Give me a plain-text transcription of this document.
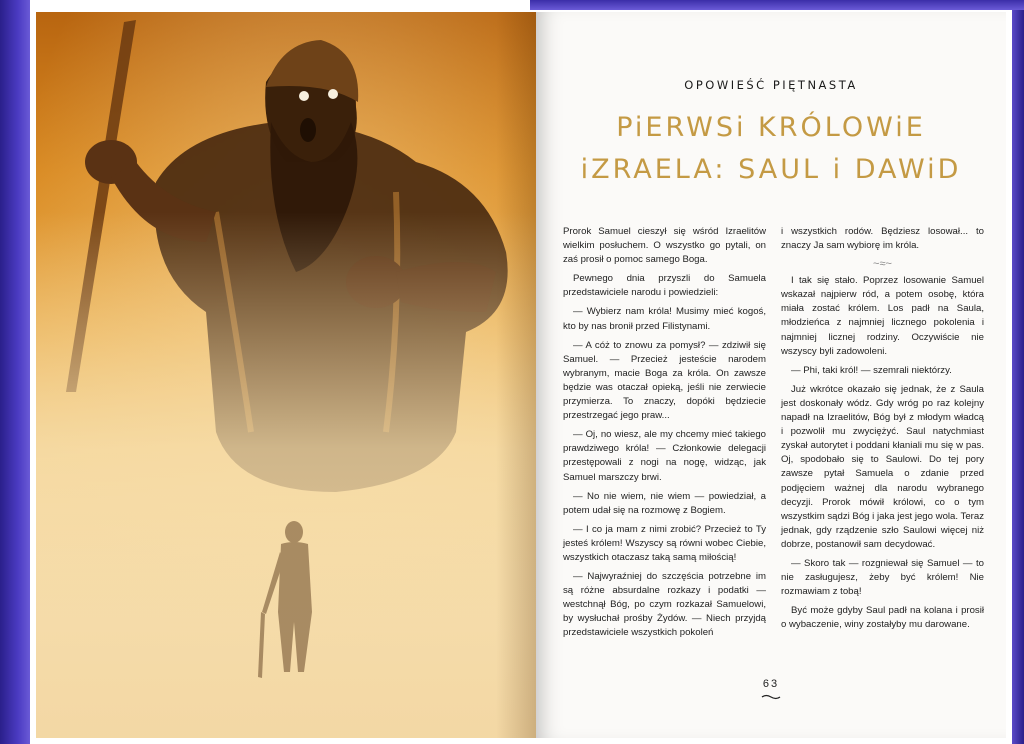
OPOWIEŚĆ PIĘTNASTA
PiERWSi KRÓLOWiE
iZRAELA: SAUL i DAWiD

Prorok Samuel cieszył się wśród Izraelitów wielkim posłuchem. O wszystko go pytali, on zaś prosił o pomoc samego Boga.

Pewnego dnia przyszli do Samuela przedstawiciele narodu i powiedzieli:

— Wybierz nam króla! Musimy mieć kogoś, kto by nas bronił przed Filistynami.

— A cóż to znowu za pomysł? — zdziwił się Samuel. — Przecież jesteście narodem wybranym, macie Boga za króla. On zawsze będzie was otaczał opieką, jeśli nie zerwiecie przymierza. To znaczy, dopóki będziecie przestrzegać jego praw...

— Oj, no wiesz, ale my chcemy mieć takiego prawdziwego króla! — Członkowie delegacji przestępowali z nogi na nogę, widząc, jak Samuel marszczy brwi.

— No nie wiem, nie wiem — powiedział, a potem udał się na rozmowę z Bogiem.

— I co ja mam z nimi zrobić? Przecież to Ty jesteś królem! Wszyscy są równi wobec Ciebie, wszystkich otaczasz taką samą miłością!

— Najwyraźniej do szczęścia potrzebne im są różne absurdalne rozkazy i podatki — westchnął Bóg, po czym rozkazał Samuelowi, by wysłuchał prośby Żydów. — Niech przyjdą przedstawiciele wszystkich pokoleń

i wszystkich rodów. Będziesz losował... to znaczy Ja sam wybiorę im króla.

~≈~

I tak się stało. Poprzez losowanie Samuel wskazał najpierw ród, a potem osobę, która miała zostać królem. Los padł na Saula, młodzieńca z najmniej licznego pokolenia i najmniej licznej rodziny. Oczywiście nie wszyscy byli zadowoleni.

— Phi, taki król! — szemrali niektórzy.

Już wkrótce okazało się jednak, że z Saula jest doskonały wódz. Gdy wróg po raz kolejny napadł na Izraelitów, Bóg był z młodym władcą i pozwolił mu zwyciężyć. Saul natychmiast zyskał autorytet i poddani kłaniali mu się w pas. Oj, spodobało się to Saulowi. Do tej pory zawsze pytał Samuela o zdanie przed podjęciem ważnej dla narodu wybranego decyzji. Prorok mówił królowi, co o tym wszystkim sądzi Bóg i jaka jest jego wola. Teraz jednak, gdy rządzenie szło Saulowi więcej niż dobrze, postanowił sam decydować.

— Skoro tak — rozgniewał się Samuel — to nie zasługujesz, żeby być królem! Nie rozmawiam z tobą!

Być może gdyby Saul padł na kolana i prosił o wybaczenie, winy zostałyby mu darowane.

63
